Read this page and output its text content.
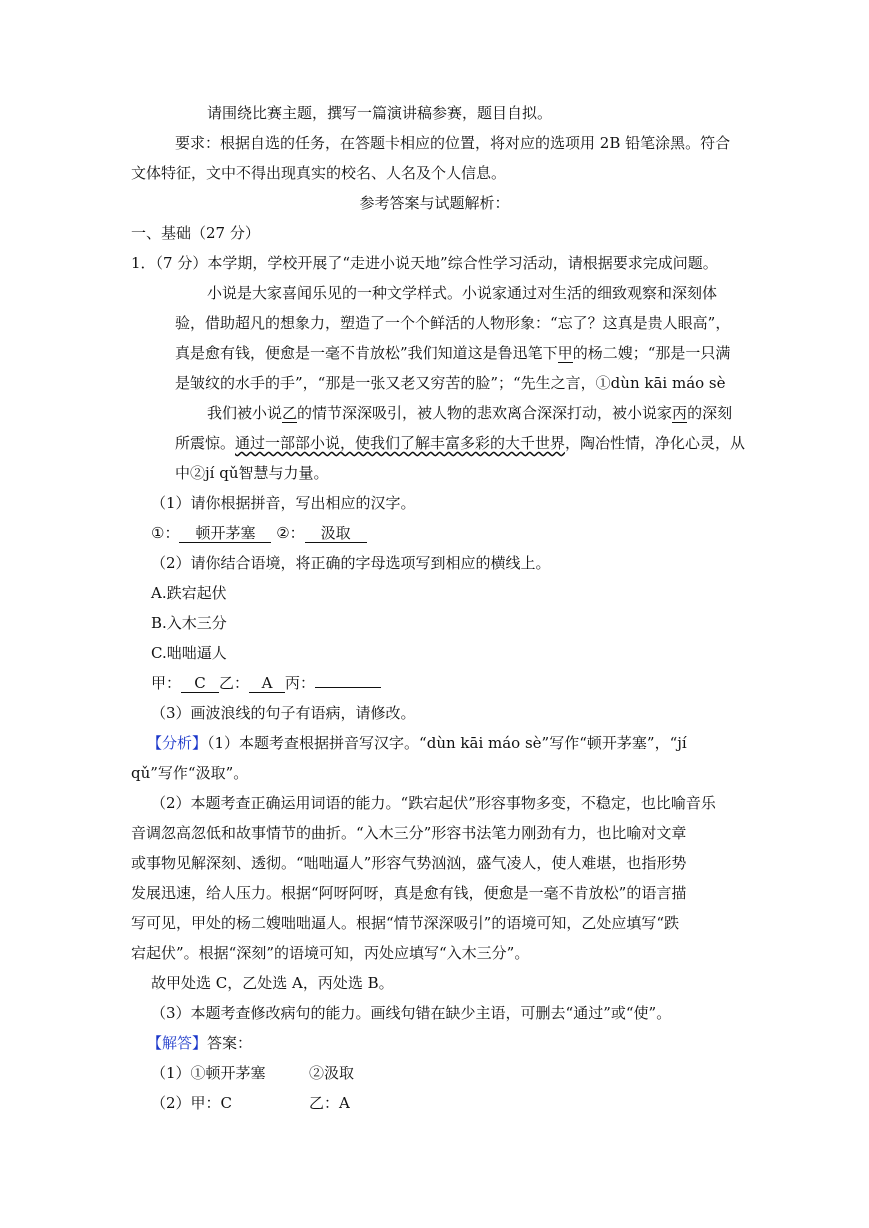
请围绕比赛主题，撰写一篇演讲稿参赛，题目自拟。
要求：根据自选的任务，在答题卡相应的位置，将对应的选项用 2B 铅笔涂黑。符合
文体特征，文中不得出现真实的校名、人名及个人信息。
参考答案与试题解析：
一、基础（27 分）
1．（7 分）本学期，学校开展了“走进小说天地”综合性学习活动，请根据要求完成问题。
小说是大家喜闻乐见的一种文学样式。小说家通过对生活的细致观察和深刻体
验，借助超凡的想象力，塑造了一个个鲜活的人物形象：“忘了？这真是贵人眼高”，
真是愈有钱，便愈是一毫不肯放松”我们知道这是鲁迅笔下甲的杨二嫂；“那是一只满
是皱纹的水手的手”，“那是一张又老又穷苦的脸”；“先生之言，①dùn kāi máo sè
我们被小说乙的情节深深吸引，被人物的悲欢离合深深打动，被小说家丙的深刻
所震惊。通过一部部小说，使我们了解丰富多彩的大千世界，陶冶性情，净化心灵，从
中②jí qǔ智慧与力量。
（1）请你根据拼音，写出相应的汉字。
①： 顿开茅塞 ②： 汲取
（2）请你结合语境，将正确的字母选项写到相应的横线上。
A.跌宕起伏
B.入木三分
C.咄咄逼人
甲： C 乙： A 丙：
（3）画波浪线的句子有语病，请修改。
【分析】（1）本题考查根据拼音写汉字。“dùn kāi máo sè”写作“顿开茅塞”，“jí
qǔ”写作“汲取”。
（2）本题考查正确运用词语的能力。“跌宕起伏”形容事物多变，不稳定，也比喻音乐
音调忽高忽低和故事情节的曲折。“入木三分”形容书法笔力刚劲有力，也比喻对文章
或事物见解深刻、透彻。“咄咄逼人”形容气势汹汹，盛气凌人，使人难堪，也指形势
发展迅速，给人压力。根据“阿呀阿呀，真是愈有钱，便愈是一毫不肯放松”的语言描
写可见，甲处的杨二嫂咄咄逼人。根据“情节深深吸引”的语境可知，乙处应填写“跌
宕起伏”。根据“深刻”的语境可知，丙处应填写“入木三分”。
故甲处选 C，乙处选 A，丙处选 B。
（3）本题考查修改病句的能力。画线句错在缺少主语，可删去“通过”或“使”。
【解答】答案：
（1）①顿开茅塞	②汲取
（2）甲：C	乙：A
